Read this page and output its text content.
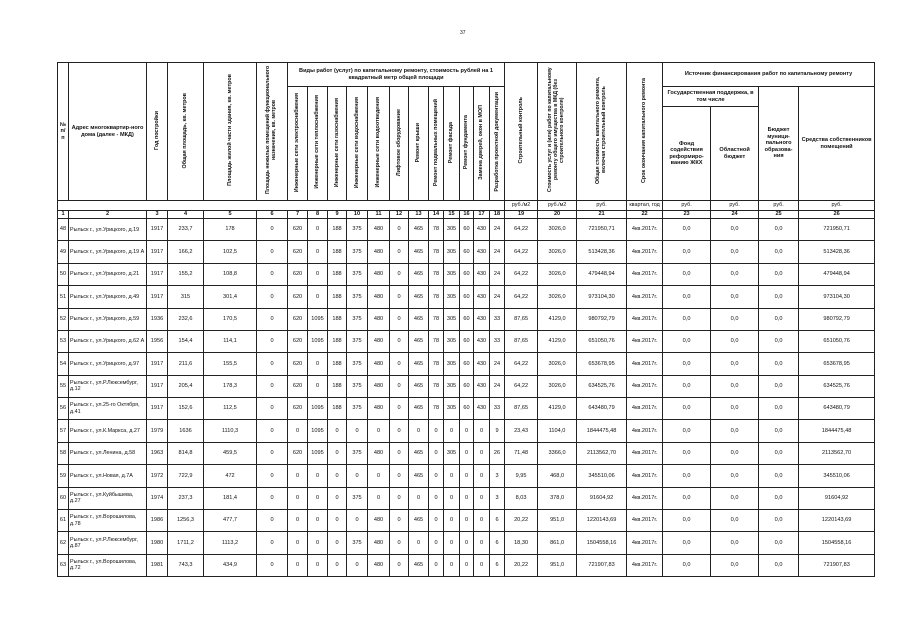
37
№ п/п	Адрес многоквартир-ного дома (далее - МКД)	Год постройки	Общая площадь, кв. метров	Площадь жилой части здания, кв. метров	Площадь нежилых помещений функционального назначения, кв. метров	Виды работ (услуг) по капитальному ремонту, стоимость рублей на 1 квадратный метр общей площади												Строительный контроль	Стоимость услуг и (или) работ по капитальному ремонту общего имущества в МКД (без строительного контроля)	Общая стоимость капитального ремонта, включая строительный контроль	Срок окончания капитального ремонта	Источник финансирования работ по капитальному ремонту			
						Инженерные сети электроснабжения	Инженерные сети теплоснабжения	Инженерные сети газоснабжения	Инженерные сети водоснабжения	Инженерные сети водоотведения	Лифтовое оборудование	Ремонт крыши	Ремонт подвальных помещений	Ремонт фасада	Ремонт фундамента	Замена дверей, окон в МОП	Разработка проектной документации					Государственная поддержка, в том числе		Бюджет муници-пального образова-ния	Средства собственников помещений
																						Фонд содействия реформиро-ванию ЖКХ	Областной бюджет		
																		руб./м2	руб./м2	руб.	квартал, год	руб.	руб.	руб.	руб.
1	2	3	4	5	6	7	8	9	10	11	12	13	14	15	16	17	18	19	20	21	22	23	24	25	26
48	Рыльск г., ул.Урицкого, д.19	1917	233,7	178	0	620	0	188	375	480	0	465	78	305	60	430	24	64,22	3026,0	721950,71	4кв.2017г.	0,0	0,0	0,0	721950,71
49	Рыльск г., ул.Урицкого, д.19 А	1917	166,2	102,5	0	620	0	188	375	480	0	465	78	305	60	430	24	64,22	3026,0	513428,36	4кв.2017г.	0,0	0,0	0,0	513428,36
50	Рыльск г., ул.Урицкого, д.21	1917	155,2	108,8	0	620	0	188	375	480	0	465	78	305	60	430	24	64,22	3026,0	479448,94	4кв.2017г.	0,0	0,0	0,0	479448,94
51	Рыльск г., ул.Урицкого, д.49	1917	315	301,4	0	620	0	188	375	480	0	465	78	305	60	430	24	64,22	3026,0	973104,30	4кв.2017г.	0,0	0,0	0,0	973104,30
52	Рыльск г., ул.Урицкого, д.59	1936	232,6	170,5	0	620	1095	188	375	480	0	465	78	305	60	430	33	87,65	4129,0	980792,79	4кв.2017г.	0,0	0,0	0,0	980792,79
53	Рыльск г., ул.Урицкого, д.62 А	1956	154,4	114,1	0	620	1095	188	375	480	0	465	78	305	60	430	33	87,65	4129,0	651050,76	4кв.2017г.	0,0	0,0	0,0	651050,76
54	Рыльск г., ул.Урицкого, д.97	1917	211,6	155,5	0	620	0	188	375	480	0	465	78	305	60	430	24	64,22	3026,0	653678,95	4кв.2017г.	0,0	0,0	0,0	653678,95
55	Рыльск г., ул.Р.Люксембург, д.12	1917	205,4	178,3	0	620	0	188	375	480	0	465	78	305	60	430	24	64,22	3026,0	634525,76	4кв.2017г.	0,0	0,0	0,0	634525,76
56	Рыльск г., ул.25-го Октября, д.41	1917	152,6	112,5	0	620	1095	188	375	480	0	465	78	305	60	430	33	87,65	4129,0	643480,79	4кв.2017г.	0,0	0,0	0,0	643480,79
57	Рыльск г., ул.К.Маркса, д.27	1979	1636	1110,3	0	0	1095	0	0	0	0	0	0	0	0	0	9	23,43	1104,0	1844475,48	4кв.2017г.	0,0	0,0	0,0	1844475,48
58	Рыльск г., ул.Ленина, д.58	1963	814,8	459,5	0	620	1095	0	375	480	0	465	0	305	0	0	26	71,48	3366,0	2113562,70	4кв.2017г.	0,0	0,0	0,0	2113562,70
59	Рыльск г., ул.Новая, д.7А	1972	722,9	472	0	0	0	0	0	0	0	465	0	0	0	0	3	9,95	468,0	345510,06	4кв.2017г.	0,0	0,0	0,0	345510,06
60	Рыльск г., ул.Куйбышева, д.27	1974	237,3	181,4	0	0	0	0	375	0	0	0	0	0	0	0	3	8,03	378,0	91604,92	4кв.2017г.	0,0	0,0	0,0	91604,92
61	Рыльск г., ул.Ворошилова, д.78	1986	1256,3	477,7	0	0	0	0	0	480	0	465	0	0	0	0	6	20,22	951,0	1220143,69	4кв.2017г.	0,0	0,0	0,0	1220143,69
62	Рыльск г., ул.Р.Люксембург, д.87	1980	1711,2	1113,2	0	0	0	0	375	480	0	0	0	0	0	0	6	18,30	861,0	1504558,16	4кв.2017г.	0,0	0,0	0,0	1504558,16
63	Рыльск г., ул.Ворошилова, д.72	1981	743,3	434,9	0	0	0	0	0	480	0	465	0	0	0	0	6	20,22	951,0	721907,83	4кв.2017г.	0,0	0,0	0,0	721907,83
